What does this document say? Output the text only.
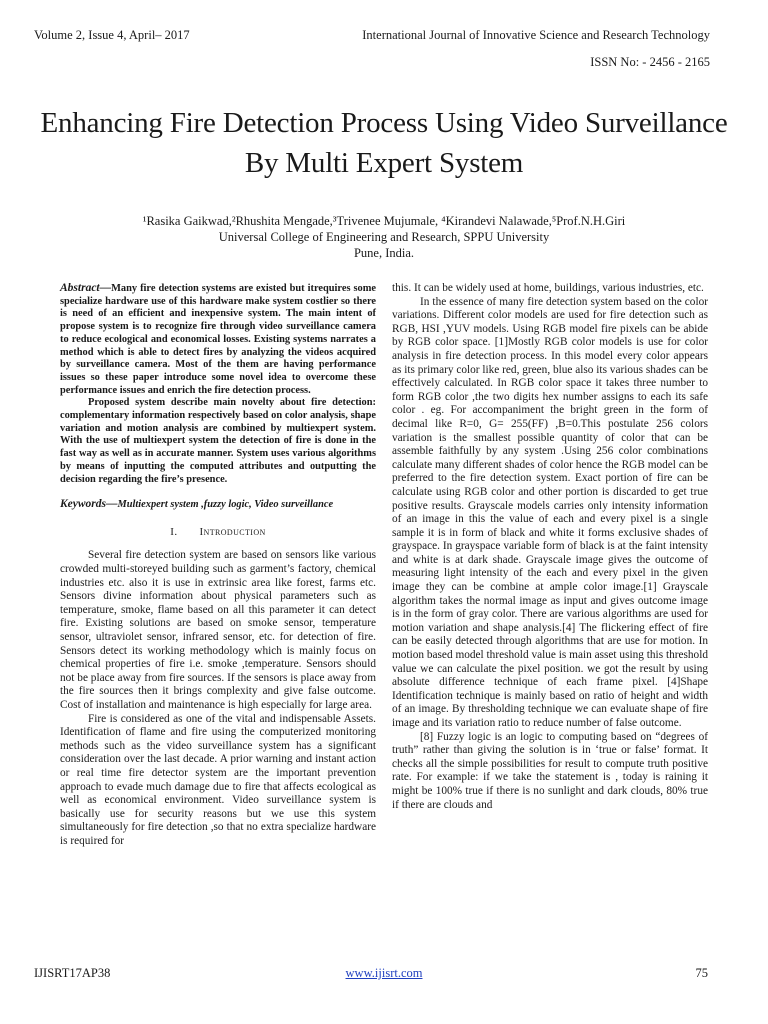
Volume 2, Issue 4, April– 2017	International Journal of Innovative Science and Research Technology
ISSN No: - 2456 - 2165
Enhancing Fire Detection Process Using Video Surveillance By Multi Expert System
¹Rasika Gaikwad,²Rhushita Mengade,³Trivenee Mujumale, ⁴Kirandevi Nalawade,⁵Prof.N.H.Giri
Universal College of Engineering and Research, SPPU University
Pune, India.

Abstract—Many fire detection systems are existed but itrequires some specialize hardware use of this hardware make system costlier so there is need of an efficient and inexpensive system. The main intent of propose system is to recognize fire through video surveillance camera to reduce ecological and economical losses. Existing systems narrates a method which is able to detect fires by analyzing the videos acquired by surveillance camera. Most of the them are having performance issues so these paper introduce some novel idea to overcome these performance issues and enrich the fire detection process.

Proposed system describe main novelty about fire detection: complementary information respectively based on color analysis, shape variation and motion analysis are combined by multiexpert system. With the use of multiexpert system the detection of fire is done in the fast way as well as in accurate manner. System uses various algorithms by means of inputting the computed attributes and outputting the decision regarding the fire’s presence.

Keywords—Multiexpert system ,fuzzy logic, Video surveillance

I. Introduction

Several fire detection system are based on sensors like various crowded multi-storeyed building such as garment’s factory, chemical industries etc. also it is use in extrinsic area like forest, farms etc. Sensors divine information about physical parameters such as temperature, smoke, flame based on all this parameter it can detect fire. Existing solutions are based on smoke sensor, temperature sensor, ultraviolet sensor, infrared sensor, etc. for detection of fire. Sensors detect its working methodology which is mainly focus on chemical properties of fire i.e. smoke ,temperature. Sensors should not be place away from fire sources. If the sensors is place away from the fire sources then it brings complexity and give false outcome. Cost of installation and maintenance is high especially for large area.

Fire is considered as one of the vital and indispensable Assets. Identification of flame and fire using the computerized monitoring methods such as the video surveillance system has a significant consideration over the last decade. A prior warning and instant action or real time fire detector system are the important prevention approach to evade much damage due to fire that affects ecological as well as economical environment. Video surveillance system is basically use for security reasons but we use this system simultaneously for fire detection ,so that no extra specialize hardware is required for

this. It can be widely used at home, buildings, various industries, etc.

In the essence of many fire detection system based on the color variations. Different color models are used for fire detection such as RGB, HSI ,YUV models. Using RGB model fire pixels can be abide by RGB color space. [1]Mostly RGB color models is use for color analysis in fire detection process. In this model every color appears as its primary color like red, green, blue also its various shades can be effectively calculated. In RGB color space it takes three number to form RGB color ,the two digits hex number assigns to each its safe color . eg. For accompaniment the bright green in the form of decimal like R=0, G= 255(FF) ,B=0.This postulate 256 colors variation is the smallest possible quantity of color that can be assemble faithfully by any system .Using 256 color combinations calculate many different shades of color hence the RGB model can be preferred to the fire detection system. Exact portion of fire can be calculate using RGB color and other portion is discarded to get true positive results. Grayscale models carries only intensity information of an image in this the value of each and every pixel is a single sample it is in form of black and white it forms exclusive shades of grayspace. In grayspace variable form of black is at the faint intensity and white is at dark shade. Grayscale image gives the outcome of measuring light intensity of the each and every pixel in the given image they can be combine at ample color image.[1] Grayscale algorithm takes the normal image as input and gives outcome image is in the form of gray color. There are various algorithms are used for motion variation and shape analysis.[4] The flickering effect of fire can be easily detected through algorithms that are use for motion. In motion based model threshold value is main asset using this threshold value we can calculate the pixel position. we got the result by using absolute difference technique of each frame pixel. [4]Shape Identification technique is mainly based on ratio of height and width of an image. By thresholding technique we can evaluate shape of fire image and its variation ratio to reduce number of false outcome.

[8] Fuzzy logic is an logic to computing based on “degrees of truth” rather than giving the solution is in ‘true or false’ format. It checks all the simple possibilities for result to compute truth positive rate. For example: if we take the statement is , today is raining it might be 100% true if there is no sunlight and dark clouds, 80% true if there are clouds and

IJISRT17AP38	www.ijisrt.com	75
